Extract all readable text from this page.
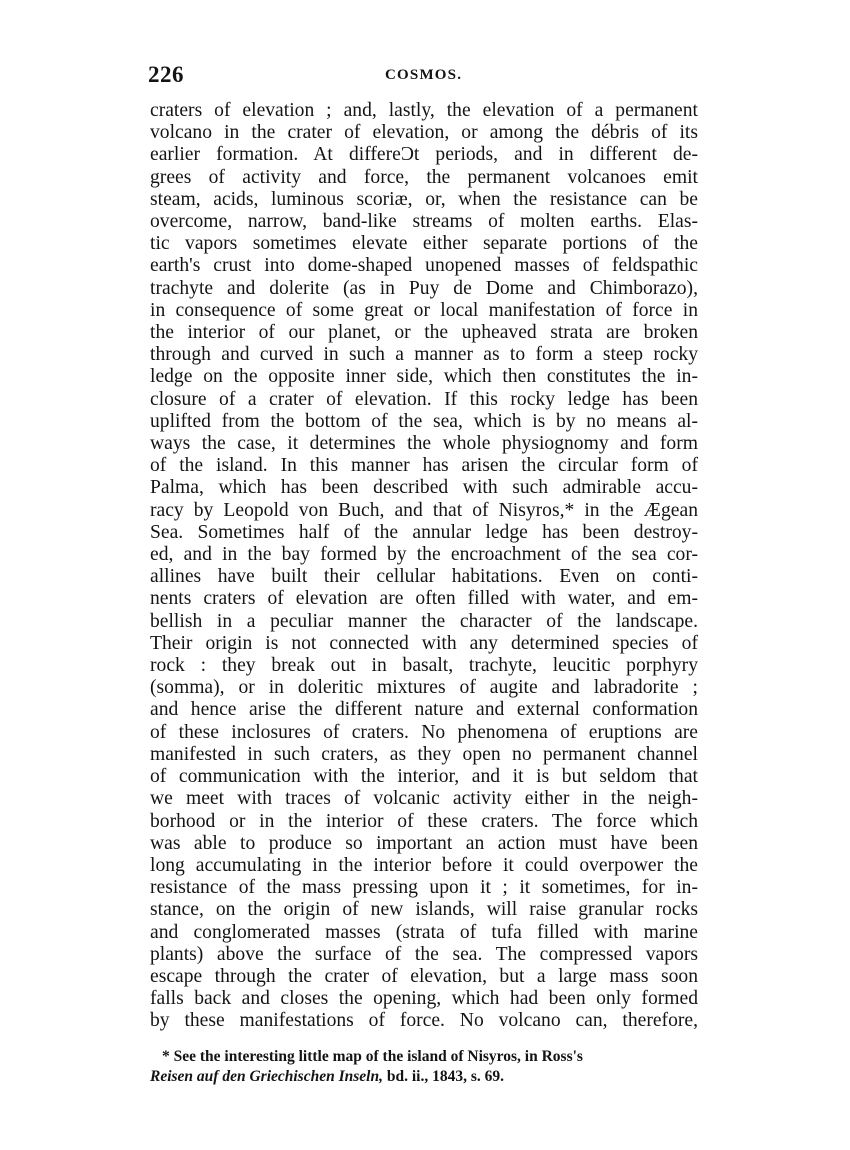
226	COSMOS.
craters of elevation ; and, lastly, the elevation of a permanent
volcano in the crater of elevation, or among the débris of its
earlier formation. At differeƆt periods, and in different de-
grees of activity and force, the permanent volcanoes emit
steam, acids, luminous scoriæ, or, when the resistance can be
overcome, narrow, band-like streams of molten earths. Elas-
tic vapors sometimes elevate either separate portions of the
earth's crust into dome-shaped unopened masses of feldspathic
trachyte and dolerite (as in Puy de Dome and Chimborazo),
in consequence of some great or local manifestation of force in
the interior of our planet, or the upheaved strata are broken
through and curved in such a manner as to form a steep rocky
ledge on the opposite inner side, which then constitutes the in-
closure of a crater of elevation. If this rocky ledge has been
uplifted from the bottom of the sea, which is by no means al-
ways the case, it determines the whole physiognomy and form
of the island. In this manner has arisen the circular form of
Palma, which has been described with such admirable accu-
racy by Leopold von Buch, and that of Nisyros,* in the Ægean
Sea. Sometimes half of the annular ledge has been destroy-
ed, and in the bay formed by the encroachment of the sea cor-
allines have built their cellular habitations. Even on conti-
nents craters of elevation are often filled with water, and em-
bellish in a peculiar manner the character of the landscape.
Their origin is not connected with any determined species of
rock : they break out in basalt, trachyte, leucitic porphyry
(somma), or in doleritic mixtures of augite and labradorite ;
and hence arise the different nature and external conformation
of these inclosures of craters. No phenomena of eruptions are
manifested in such craters, as they open no permanent channel
of communication with the interior, and it is but seldom that
we meet with traces of volcanic activity either in the neigh-
borhood or in the interior of these craters. The force which
was able to produce so important an action must have been
long accumulating in the interior before it could overpower the
resistance of the mass pressing upon it ; it sometimes, for in-
stance, on the origin of new islands, will raise granular rocks
and conglomerated masses (strata of tufa filled with marine
plants) above the surface of the sea. The compressed vapors
escape through the crater of elevation, but a large mass soon
falls back and closes the opening, which had been only formed
by these manifestations of force. No volcano can, therefore,
* See the interesting little map of the island of Nisyros, in Ross's
Reisen auf den Griechischen Inseln, bd. ii., 1843, s. 69.
